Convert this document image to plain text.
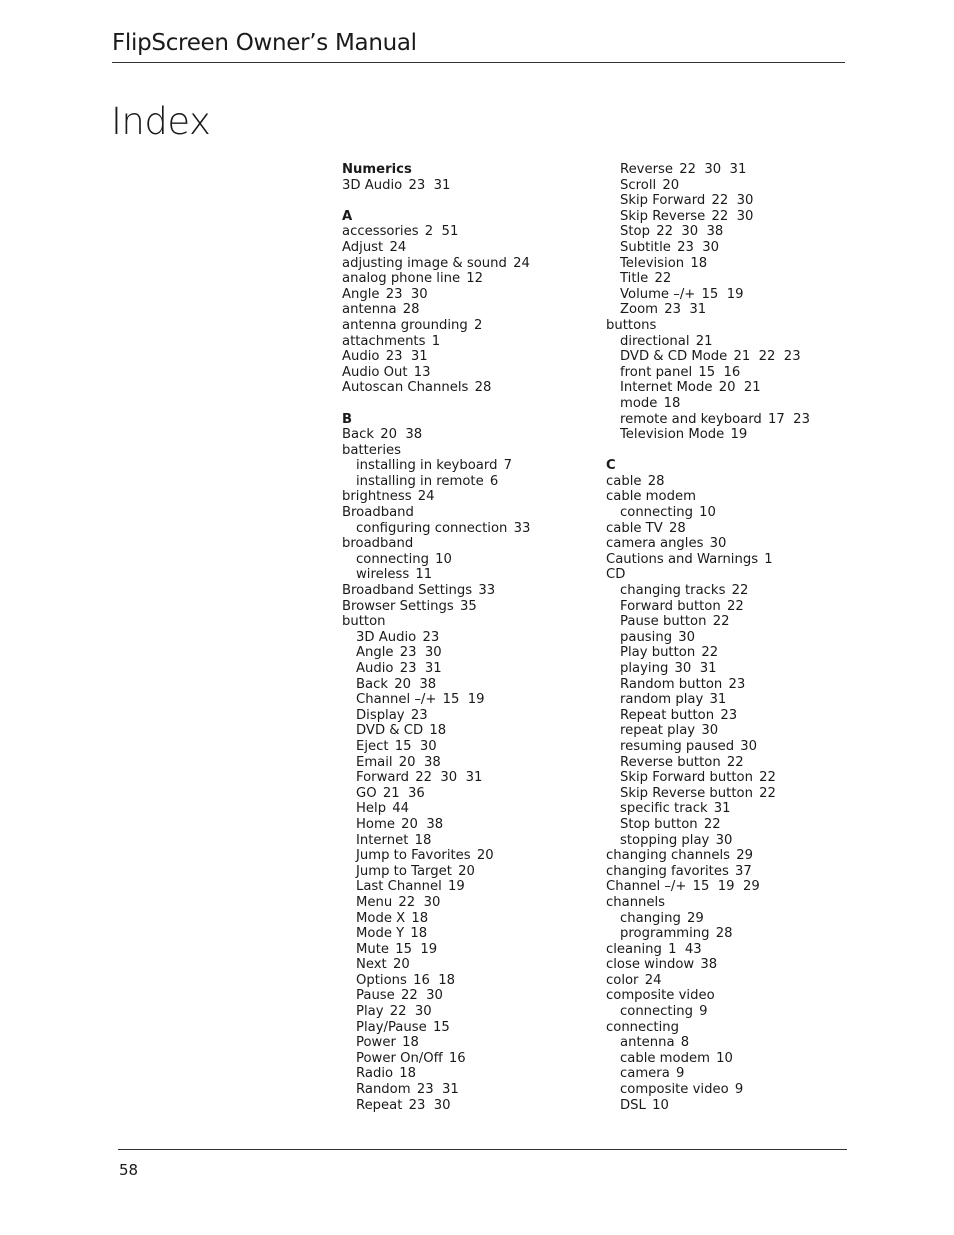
FlipScreen Owner’s Manual
Index
Numerics
3D Audio 23  31
A
accessories 2  51
Adjust 24
adjusting image & sound 24
analog phone line 12
Angle 23  30
antenna 28
antenna grounding 2
attachments 1
Audio 23  31
Audio Out 13
Autoscan Channels 28
B
Back 20  38
batteries
installing in keyboard 7
installing in remote 6
brightness 24
Broadband
configuring connection 33
broadband
connecting 10
wireless 11
Broadband Settings 33
Browser Settings 35
button
3D Audio 23
Angle 23  30
Audio 23  31
Back 20  38
Channel –/+ 15  19
Display 23
DVD & CD 18
Eject 15  30
Email 20  38
Forward 22  30  31
GO 21  36
Help 44
Home 20  38
Internet 18
Jump to Favorites 20
Jump to Target 20
Last Channel 19
Menu 22  30
Mode X 18
Mode Y 18
Mute 15  19
Next 20
Options 16  18
Pause 22  30
Play 22  30
Play/Pause 15
Power 18
Power On/Off 16
Radio 18
Random 23  31
Repeat 23  30
Reverse 22  30  31
Scroll 20
Skip Forward 22  30
Skip Reverse 22  30
Stop 22  30  38
Subtitle 23  30
Television 18
Title 22
Volume –/+ 15  19
Zoom 23  31
buttons
directional 21
DVD & CD Mode 21  22  23
front panel 15  16
Internet Mode 20  21
mode 18
remote and keyboard 17  23
Television Mode 19
C
cable 28
cable modem
connecting 10
cable TV 28
camera angles 30
Cautions and Warnings 1
CD
changing tracks 22
Forward button 22
Pause button 22
pausing 30
Play button 22
playing 30  31
Random button 23
random play 31
Repeat button 23
repeat play 30
resuming paused 30
Reverse button 22
Skip Forward button 22
Skip Reverse button 22
specific track 31
Stop button 22
stopping play 30
changing channels 29
changing favorites 37
Channel –/+ 15  19  29
channels
changing 29
programming 28
cleaning 1  43
close window 38
color 24
composite video
connecting 9
connecting
antenna 8
cable modem 10
camera 9
composite video 9
DSL 10
58
